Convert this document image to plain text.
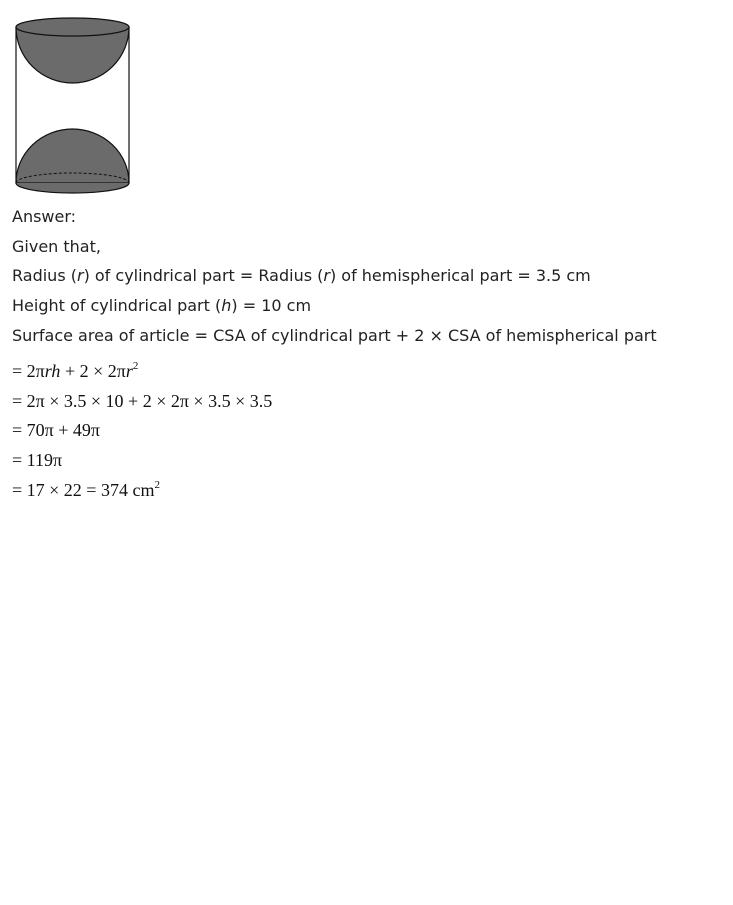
Answer:
Given that,
Radius (r) of cylindrical part = Radius (r) of hemispherical part = 3.5 cm
Height of cylindrical part (h) = 10 cm
Surface area of article = CSA of cylindrical part + 2 × CSA of hemispherical part
= $2\pi rh + 2 \times 2\pi r^2$
= 2π × 3.5 × 10 + 2 × 2π × 3.5 × 3.5
= 70π + 49π
= 119π
= 17 × 22 = 374 $cm^2$
